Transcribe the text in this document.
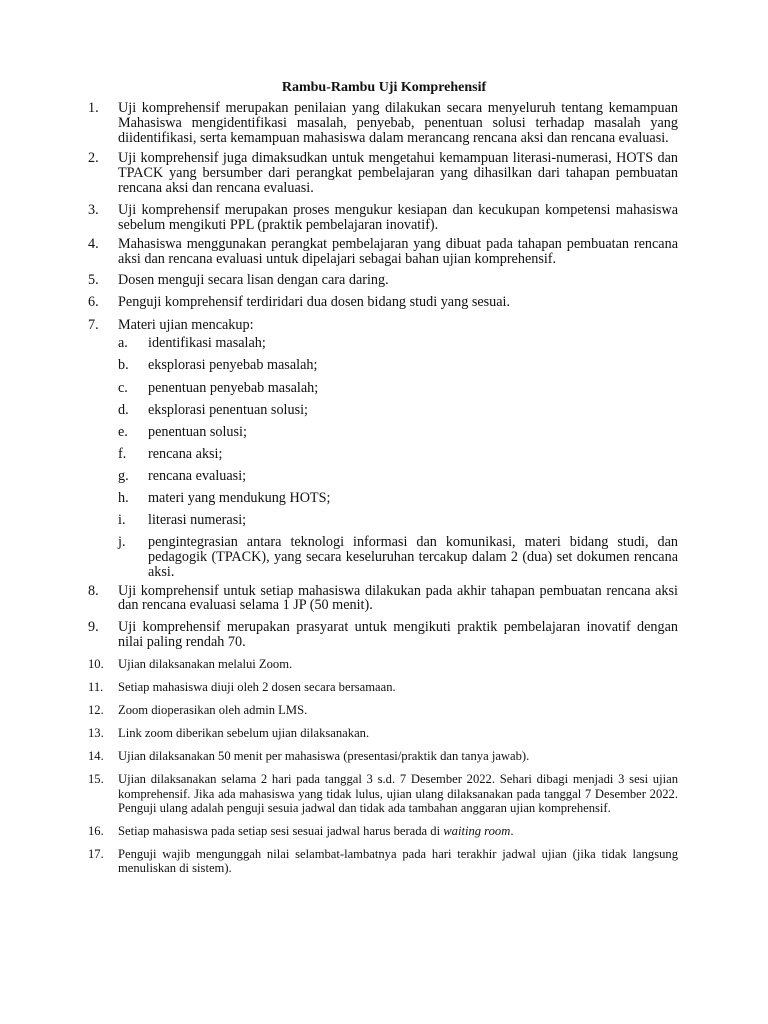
Rambu-Rambu Uji Komprehensif
1. Uji komprehensif merupakan penilaian yang dilakukan secara menyeluruh tentang kemampuan Mahasiswa mengidentifikasi masalah, penyebab, penentuan solusi terhadap masalah yang diidentifikasi, serta kemampuan mahasiswa dalam merancang rencana aksi dan rencana evaluasi.
2. Uji komprehensif juga dimaksudkan untuk mengetahui kemampuan literasi-numerasi, HOTS dan TPACK yang bersumber dari perangkat pembelajaran yang dihasilkan dari tahapan pembuatan rencana aksi dan rencana evaluasi.
3. Uji komprehensif merupakan proses mengukur kesiapan dan kecukupan kompetensi mahasiswa sebelum mengikuti PPL (praktik pembelajaran inovatif).
4. Mahasiswa menggunakan perangkat pembelajaran yang dibuat pada tahapan pembuatan rencana aksi dan rencana evaluasi untuk dipelajari sebagai bahan ujian komprehensif.
5. Dosen menguji secara lisan dengan cara daring.
6. Penguji komprehensif terdiridari dua dosen bidang studi yang sesuai.
7. Materi ujian mencakup:
a. identifikasi masalah;
b. eksplorasi penyebab masalah;
c. penentuan penyebab masalah;
d. eksplorasi penentuan solusi;
e. penentuan solusi;
f. rencana aksi;
g. rencana evaluasi;
h. materi yang mendukung HOTS;
i. literasi numerasi;
j. pengintegrasian antara teknologi informasi dan komunikasi, materi bidang studi, dan pedagogik (TPACK), yang secara keseluruhan tercakup dalam 2 (dua) set dokumen rencana aksi.
8. Uji komprehensif untuk setiap mahasiswa dilakukan pada akhir tahapan pembuatan rencana aksi dan rencana evaluasi selama 1 JP (50 menit).
9. Uji komprehensif merupakan prasyarat untuk mengikuti praktik pembelajaran inovatif dengan nilai paling rendah 70.
10. Ujian dilaksanakan melalui Zoom.
11. Setiap mahasiswa diuji oleh 2 dosen secara bersamaan.
12. Zoom dioperasikan oleh admin LMS.
13. Link zoom diberikan sebelum ujian dilaksanakan.
14. Ujian dilaksanakan 50 menit per mahasiswa (presentasi/praktik dan tanya jawab).
15. Ujian dilaksanakan selama 2 hari pada tanggal 3 s.d. 7 Desember 2022. Sehari dibagi menjadi 3 sesi ujian komprehensif. Jika ada mahasiswa yang tidak lulus, ujian ulang dilaksanakan pada tanggal 7 Desember 2022. Penguji ulang adalah penguji sesuia jadwal dan tidak ada tambahan anggaran ujian komprehensif.
16. Setiap mahasiswa pada setiap sesi sesuai jadwal harus berada di waiting room.
17. Penguji wajib mengunggah nilai selambat-lambatnya pada hari terakhir jadwal ujian (jika tidak langsung menuliskan di sistem).
